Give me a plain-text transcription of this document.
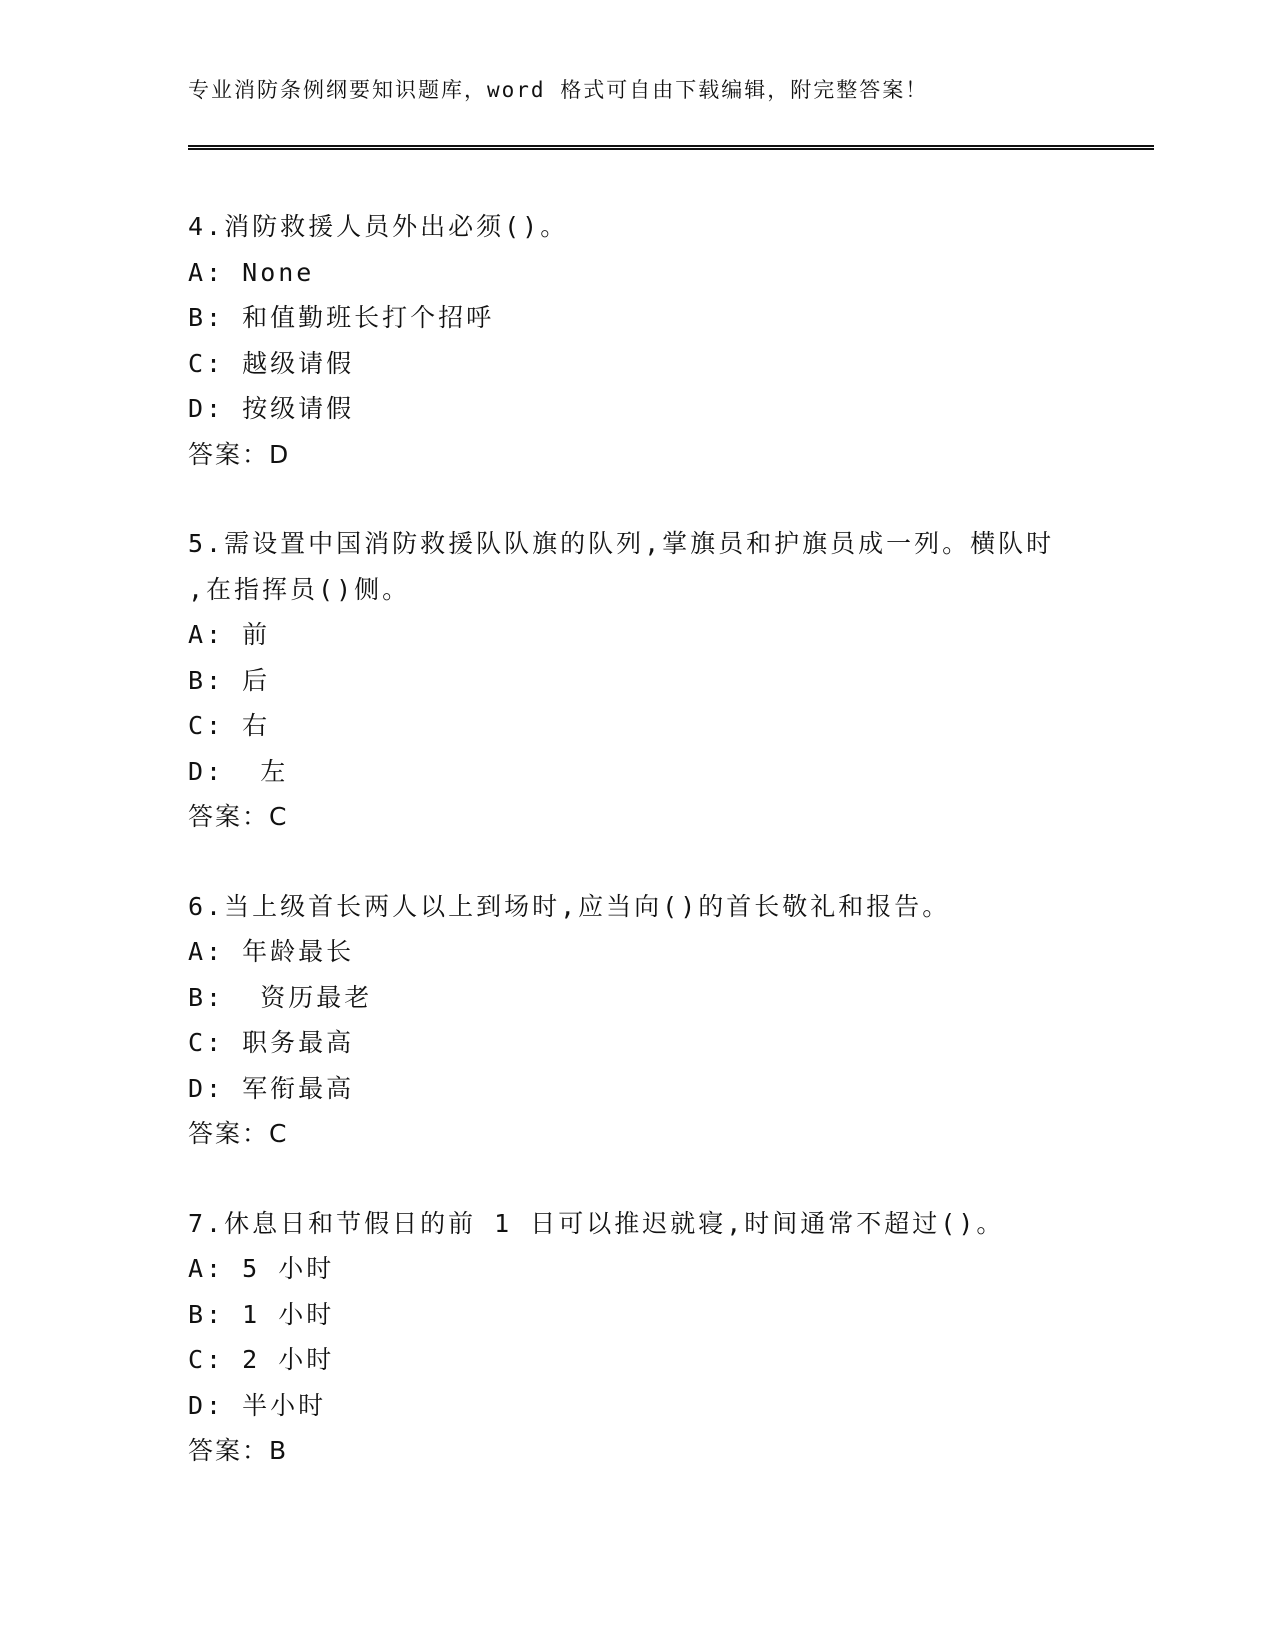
专业消防条例纲要知识题库，word 格式可自由下载编辑，附完整答案！
4.消防救援人员外出必须()。
A: None
B: 和值勤班长打个招呼
C: 越级请假
D: 按级请假
答案：D
5.需设置中国消防救援队队旗的队列,掌旗员和护旗员成一列。横队时
,在指挥员()侧。
A: 前
B: 后
C: 右
D:  左
答案：C
6.当上级首长两人以上到场时,应当向()的首长敬礼和报告。
A: 年龄最长
B:  资历最老
C: 职务最高
D: 军衔最高
答案：C
7.休息日和节假日的前 1 日可以推迟就寝,时间通常不超过()。
A: 5 小时
B: 1 小时
C: 2 小时
D: 半小时
答案：B
